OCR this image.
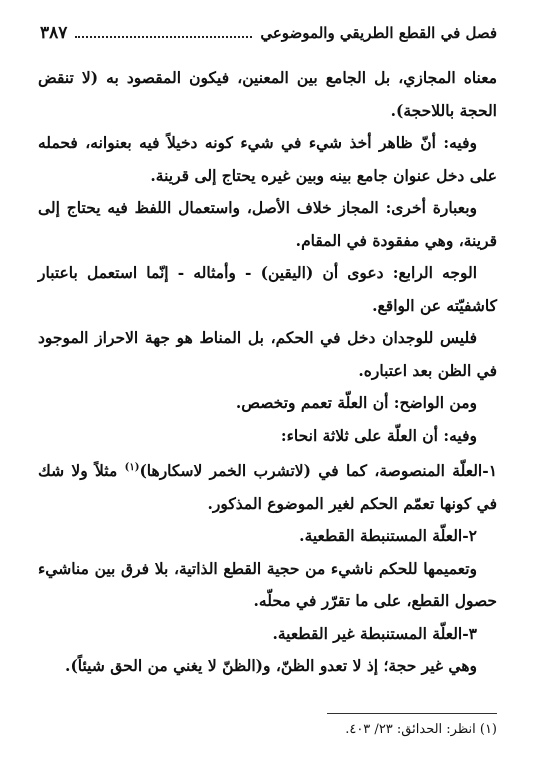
فصل في القطع الطريقي والموضوعي
٣٨٧

معناه المجازي، بل الجامع بين المعنين، فيكون المقصود به (لا تنقض الحجة باللاحجة).

وفيه: أنّ ظاهر أخذ شيء في شيء كونه دخيلاً فيه بعنوانه، فحمله على دخل عنوان جامع بينه وبين غيره يحتاج إلى قرينة.

وبعبارة أخرى: المجاز خلاف الأصل، واستعمال اللفظ فيه يحتاج إلى قرينة، وهي مفقودة في المقام.

الوجه الرابع: دعوى أن (اليقين) - وأمثاله - إنّما استعمل باعتبار كاشفيّته عن الواقع.

فليس للوجدان دخل في الحكم، بل المناط هو جهة الاحراز الموجود في الظن بعد اعتباره.

ومن الواضح: أن العلّة تعمم وتخصص.

وفيه: أن العلّة على ثلاثة انحاء:

١-العلّة المنصوصة، كما في (لاتشرب الخمر لاسكارها)$^{(١)}$ مثلاً ولا شك في كونها تعمّم الحكم لغير الموضوع المذكور.

٢-العلّة المستنبطة القطعية.

وتعميمها للحكم ناشيء من حجية القطع الذاتية، بلا فرق بين مناشيء حصول القطع، على ما تقرّر في محلّه.

٣-العلّة المستنبطة غير القطعية.

وهي غير حجة؛ إذ لا تعدو الظنّ، و(الظنّ لا يغني من الحق شيئاً).

(١) انظر: الحدائق: ٢٣/ ٤٠٣.
